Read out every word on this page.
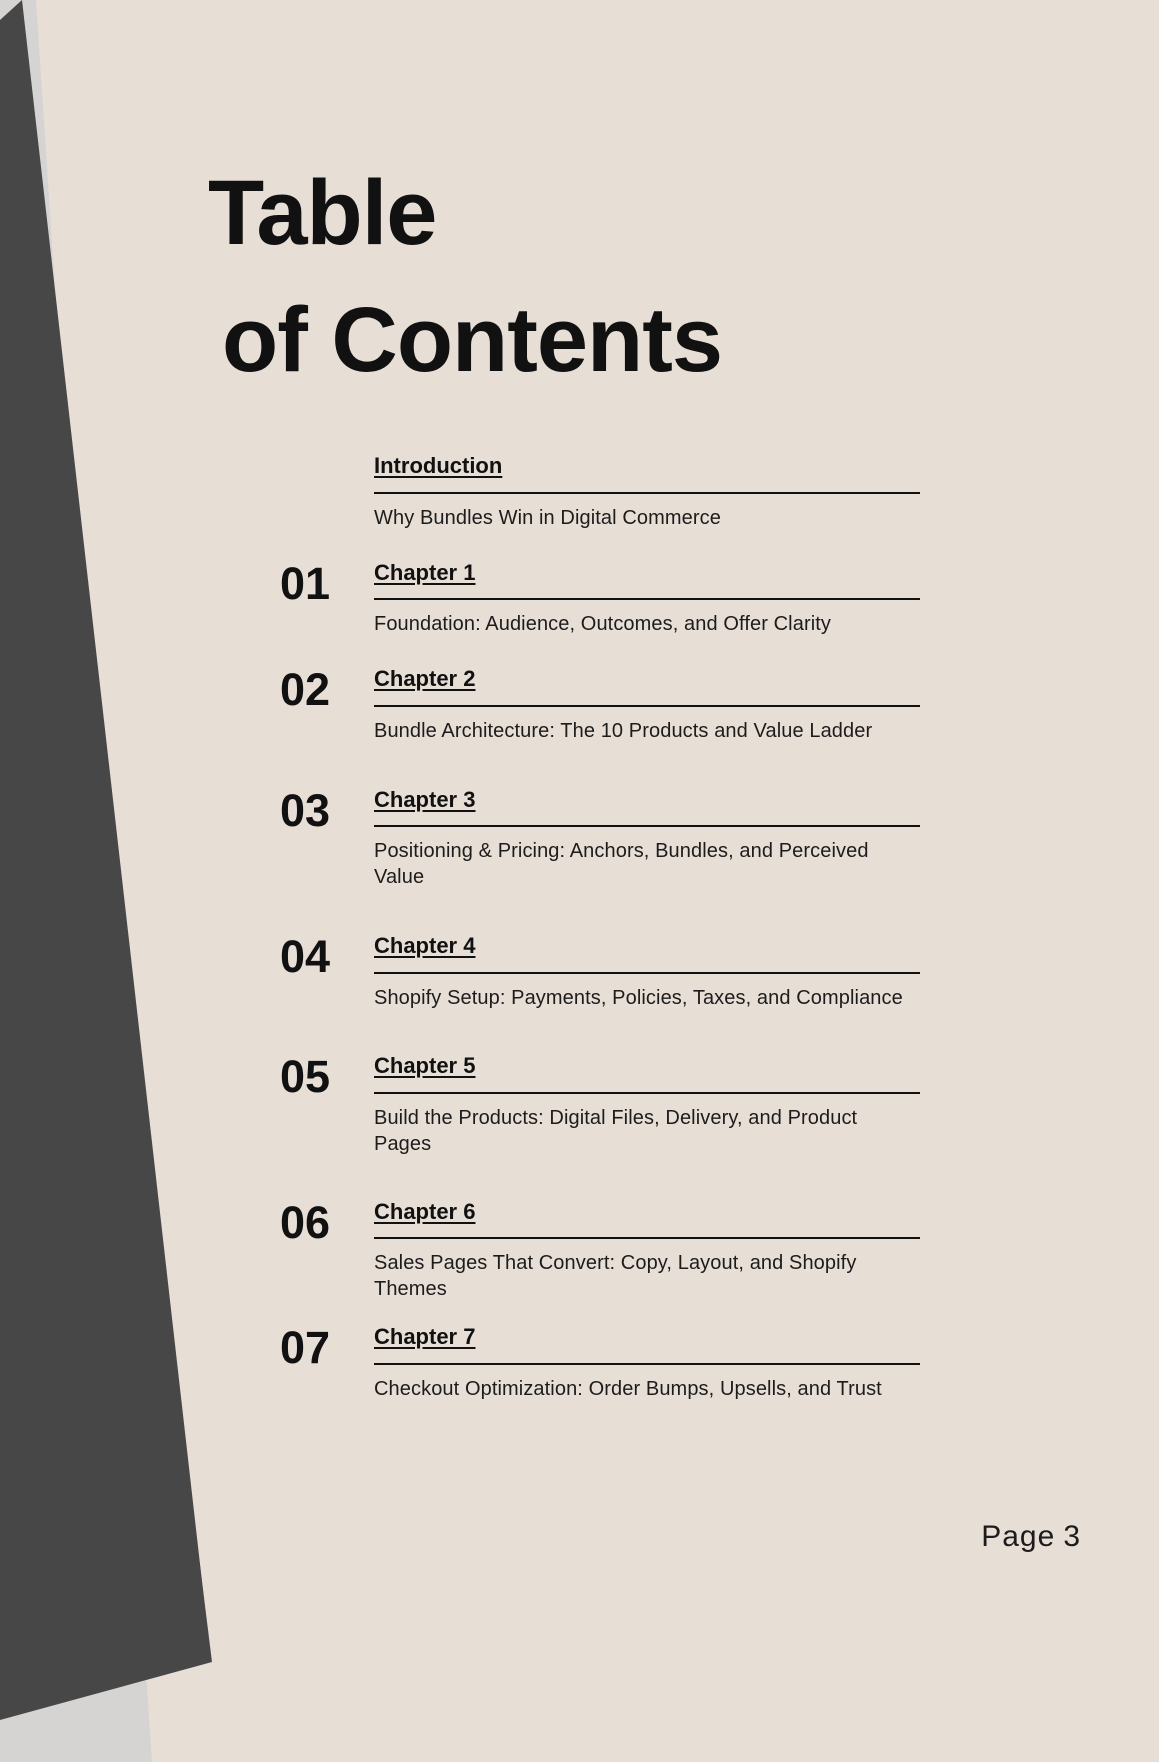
Table
of Contents
Introduction
Why Bundles Win in Digital Commerce
01	Chapter 1
Foundation: Audience, Outcomes, and Offer Clarity
02	Chapter 2
Bundle Architecture: The 10 Products and Value Ladder
03	Chapter 3
Positioning & Pricing: Anchors, Bundles, and Perceived Value
04	Chapter 4
Shopify Setup: Payments, Policies, Taxes, and Compliance
05	Chapter 5
Build the Products: Digital Files, Delivery, and Product Pages
06	Chapter 6
Sales Pages That Convert: Copy, Layout, and Shopify Themes
07	Chapter 7
Checkout Optimization: Order Bumps, Upsells, and Trust
Page 3
